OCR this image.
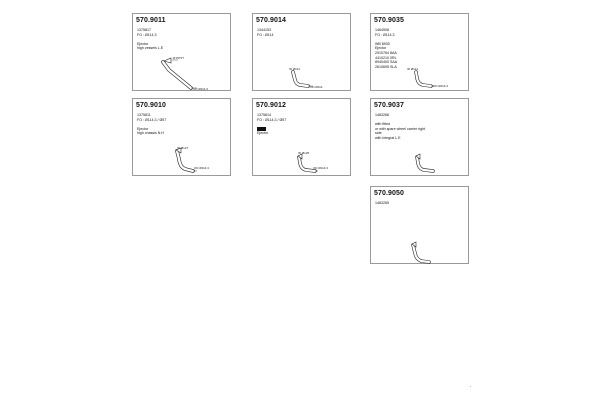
570.9011
1375817
FO : Ø114,3
Ejector
high vessels L.E
Ø 80*2?
OD Ø114,3
570.9014
1344153
FO : Ø114
ID Ø114
OD Ø114
570.9035
1464908
FO : Ø114,3
WB 8930
Ejector
2910764 8AA
4410210 0RL
8940400 SAA
2610695 SLA
ID Ø114
OD Ø114,3
570.9010
1375811
FO : Ø114,3 / Ø57
Ejector
high chassis N.H
ID Ø127
OD Ø114,3
570.9012
1375814
FO : Ø114,3 / Ø57
Ejector
ID Ø125
OD Ø114,3
570.9037
1483268
with fitted
or with spare wheel carrier right
side
with integral L.E
570.9050
1483265
